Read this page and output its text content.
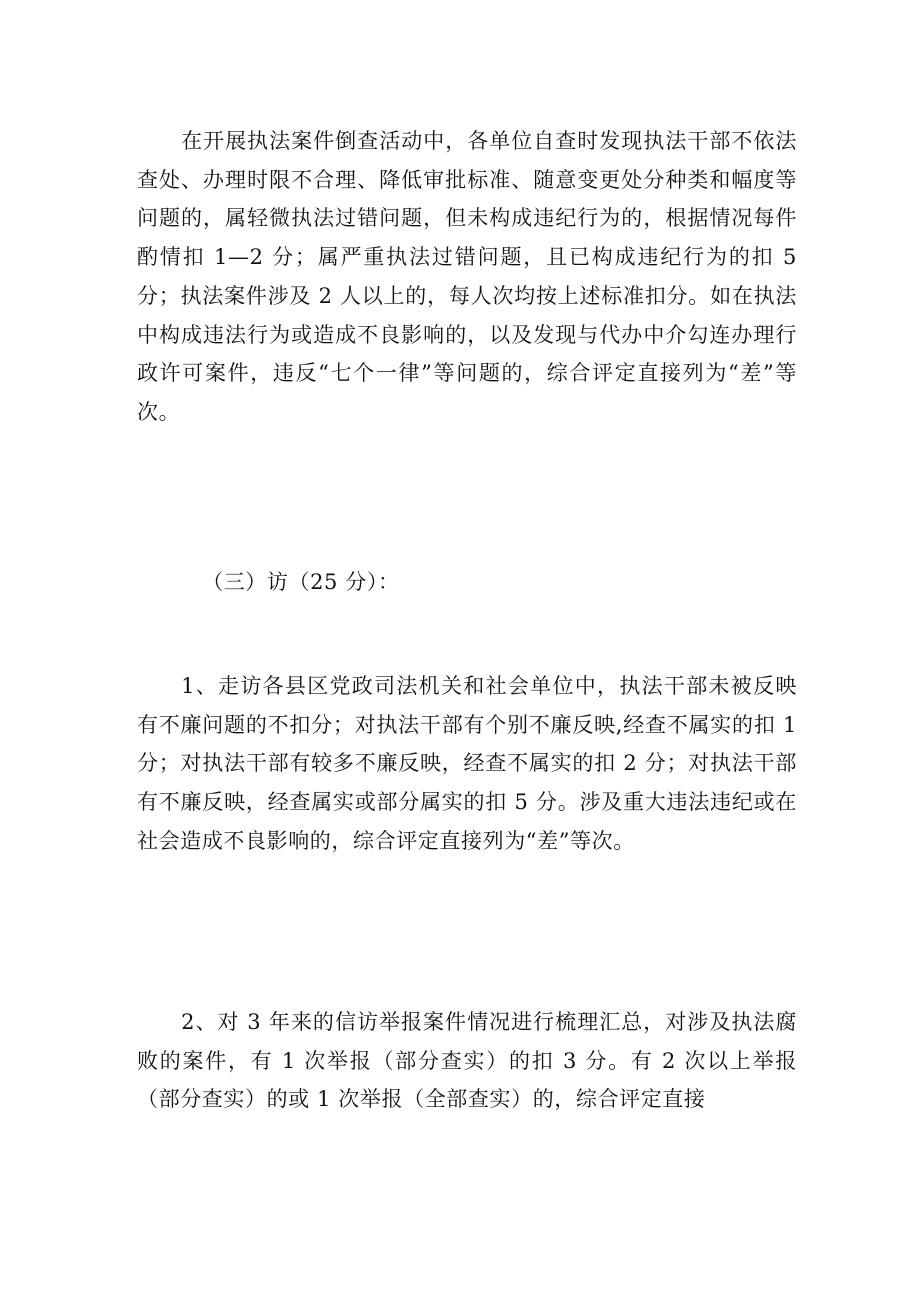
在开展执法案件倒查活动中，各单位自查时发现执法干部不依法查处、办理时限不合理、降低审批标准、随意变更处分种类和幅度等问题的，属轻微执法过错问题，但未构成违纪行为的，根据情况每件酌情扣 1—2 分；属严重执法过错问题，且已构成违纪行为的扣 5 分；执法案件涉及 2 人以上的，每人次均按上述标准扣分。如在执法中构成违法行为或造成不良影响的，以及发现与代办中介勾连办理行政许可案件，违反“七个一律”等问题的，综合评定直接列为“差”等次。

（三）访（25 分）：

1、走访各县区党政司法机关和社会单位中，执法干部未被反映有不廉问题的不扣分；对执法干部有个别不廉反映,经查不属实的扣 1 分；对执法干部有较多不廉反映，经查不属实的扣 2 分；对执法干部有不廉反映，经查属实或部分属实的扣 5 分。涉及重大违法违纪或在社会造成不良影响的，综合评定直接列为“差”等次。

2、对 3 年来的信访举报案件情况进行梳理汇总，对涉及执法腐败的案件，有 1 次举报（部分查实）的扣 3 分。有 2 次以上举报（部分查实）的或 1 次举报（全部查实）的，综合评定直接
